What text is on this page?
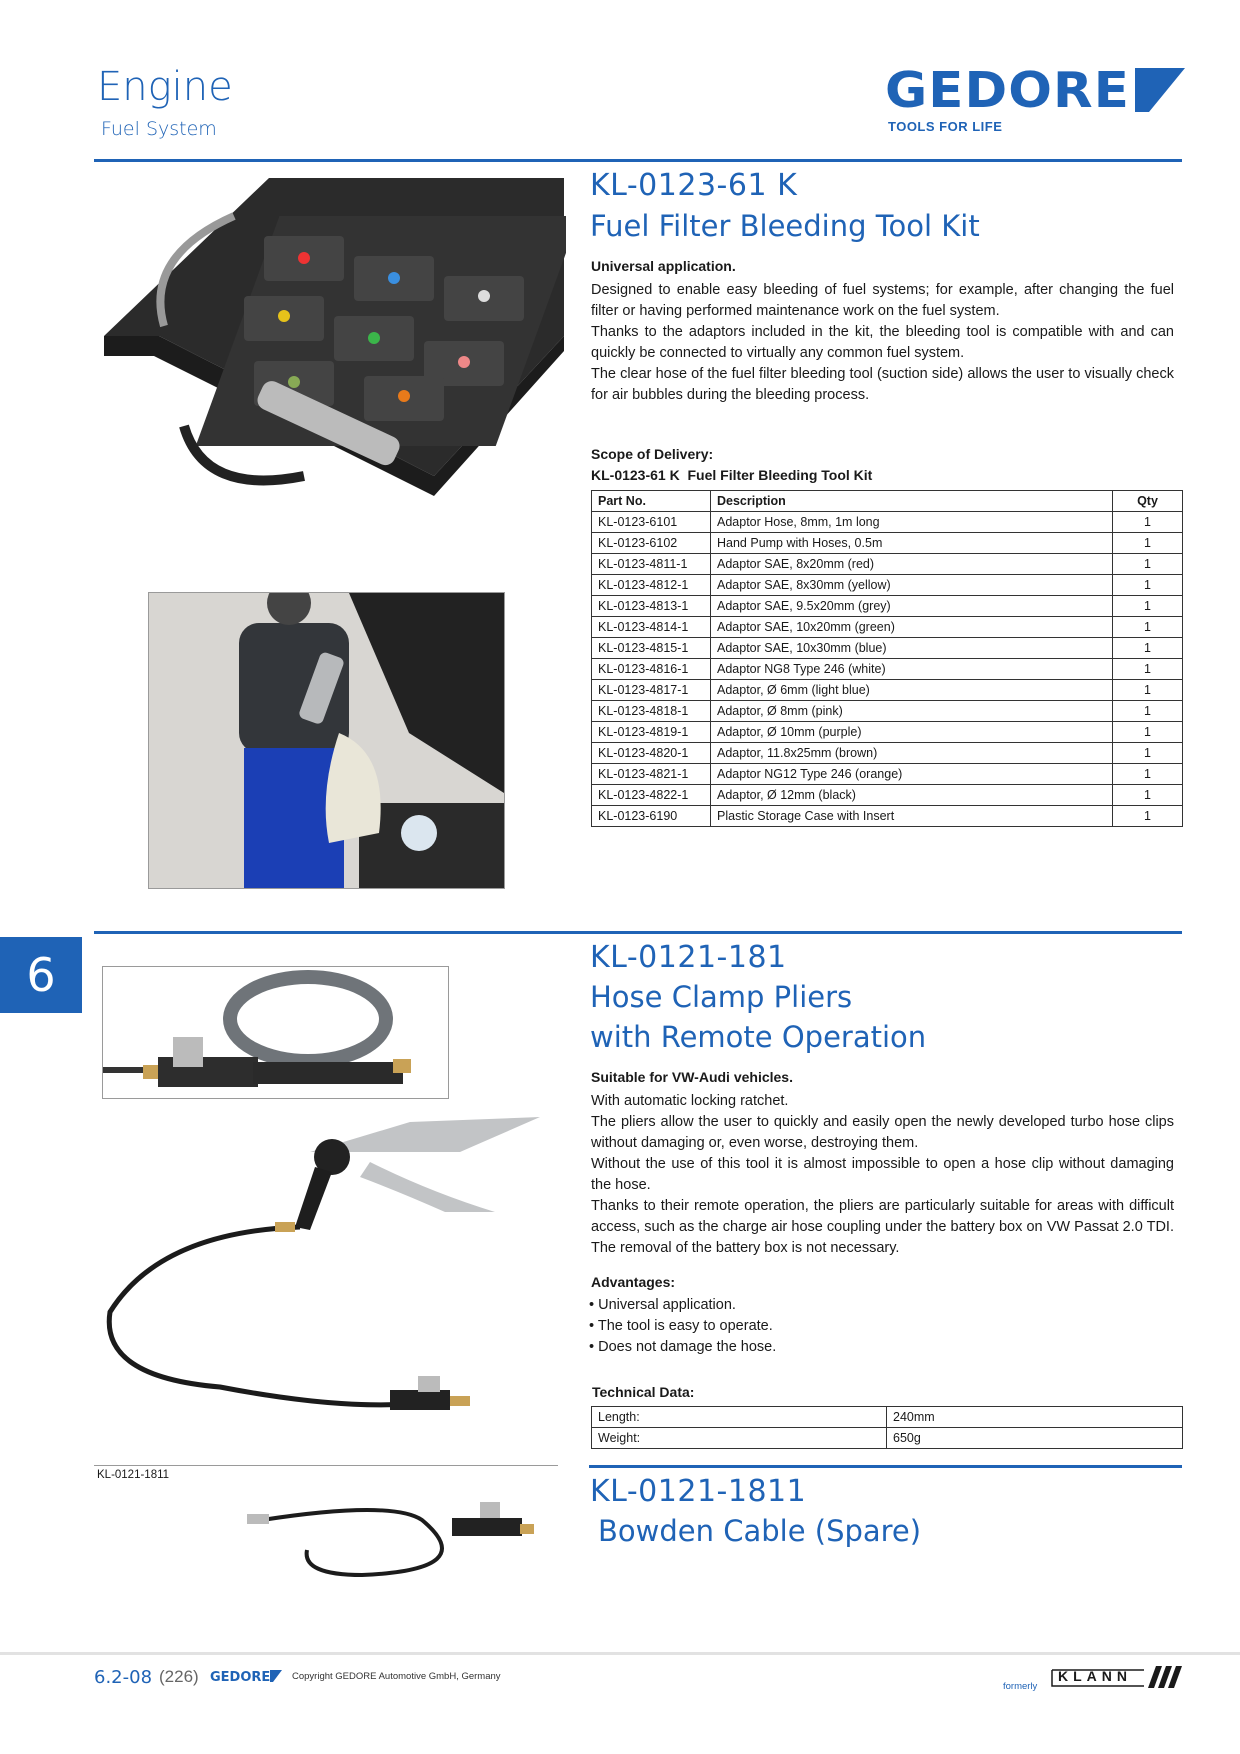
Engine
Fuel System
GEDORE
TOOLS FOR LIFE
KL-0123-61 K
Fuel Filter Bleeding Tool Kit
Universal application.
Designed to enable easy bleeding of fuel systems; for example, after changing the fuel filter or having performed maintenance work on the fuel system.
Thanks to the adaptors included in the kit, the bleeding tool is compatible with and can quickly be connected to virtually any common fuel system.
The clear hose of the fuel filter bleeding tool (suction side) allows the user to visually check for air bubbles during the bleeding process.
Scope of Delivery:
KL-0123-61 K  Fuel Filter Bleeding Tool Kit
Part No.	Description	Qty
KL-0123-6101	Adaptor Hose, 8mm, 1m long	1
KL-0123-6102	Hand Pump with Hoses, 0.5m	1
KL-0123-4811-1	Adaptor SAE, 8x20mm (red)	1
KL-0123-4812-1	Adaptor SAE, 8x30mm (yellow)	1
KL-0123-4813-1	Adaptor SAE, 9.5x20mm (grey)	1
KL-0123-4814-1	Adaptor SAE, 10x20mm (green)	1
KL-0123-4815-1	Adaptor SAE, 10x30mm (blue)	1
KL-0123-4816-1	Adaptor NG8 Type 246 (white)	1
KL-0123-4817-1	Adaptor, Ø 6mm (light blue)	1
KL-0123-4818-1	Adaptor, Ø 8mm (pink)	1
KL-0123-4819-1	Adaptor, Ø 10mm (purple)	1
KL-0123-4820-1	Adaptor, 11.8x25mm (brown)	1
KL-0123-4821-1	Adaptor NG12 Type 246 (orange)	1
KL-0123-4822-1	Adaptor, Ø 12mm (black)	1
KL-0123-6190	Plastic Storage Case with Insert	1
6	KL-0121-181
Hose Clamp Pliers
with Remote Operation
Suitable for VW-Audi vehicles.
With automatic locking ratchet.
The pliers allow the user to quickly and easily open the newly developed turbo hose clips without damaging or, even worse, destroying them.
Without the use of this tool it is almost impossible to open a hose clip without damaging the hose.
Thanks to their remote operation, the pliers are particularly suitable for areas with difficult access, such as the charge air hose coupling under the battery box on VW Passat 2.0 TDI. The removal of the battery box is not necessary.
Advantages:
• Universal application.
• The tool is easy to operate.
• Does not damage the hose.
Technical Data:
Length:	240mm
Weight:	650g
KL-0121-1811	KL-0121-1811
Bowden Cable (Spare)
6.2-08 (226) GEDORE	Copyright GEDORE Automotive GmbH, Germany
formerly
KLANN
